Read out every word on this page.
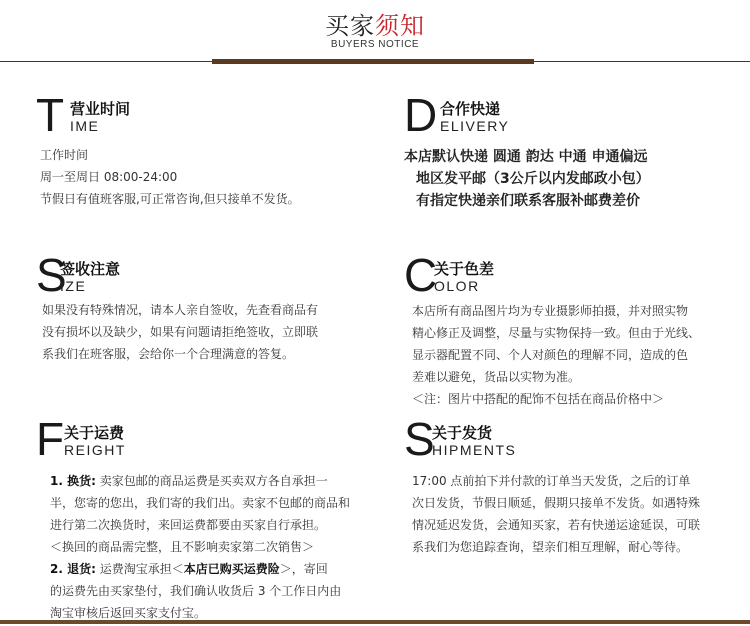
买家须知
BUYERS NOTICE
T 营业时间
IME

工作时间

周一至周日 08:00-24:00

节假日有值班客服,可正常咨询,但只接单不发货。

D 合作快递
ELIVERY

本店默认快递 圆通 韵达 中通 申通偏远

地区发平邮（3公斤以内发邮政小包）

有指定快递亲们联系客服补邮费差价

S
签收注意
IZE

如果没有特殊情况，请本人亲自签收，先查看商品有

没有损坏以及缺少，如果有问题请拒绝签收，立即联

系我们在班客服，会给你一个合理满意的答复。

C
关于色差
OLOR

本店所有商品图片均为专业摄影师拍摄，并对照实物

精心修正及调整，尽量与实物保持一致。但由于光线、

显示器配置不同、个人对颜色的理解不同，造成的色

差难以避免，货品以实物为准。

＜注：图片中搭配的配饰不包括在商品价格中＞

F 关于运费
REIGHT

1. 换货: 卖家包邮的商品运费是买卖双方各自承担一

半，您寄的您出，我们寄的我们出。卖家不包邮的商品和

进行第二次换货时，来回运费都要由买家自行承担。

＜换回的商品需完整，且不影响卖家第二次销售＞

2. 退货: 运费淘宝承担＜本店已购买运费险＞，寄回

的运费先由买家垫付，我们确认收货后 3 个工作日内由

淘宝审核后返回买家支付宝。

S
关于发货
HIPMENTS

17:00 点前拍下并付款的订单当天发货，之后的订单

次日发货，节假日顺延，假期只接单不发货。如遇特殊

情况延迟发货，会通知买家，若有快递运途延误，可联

系我们为您追踪查询，望亲们相互理解，耐心等待。
